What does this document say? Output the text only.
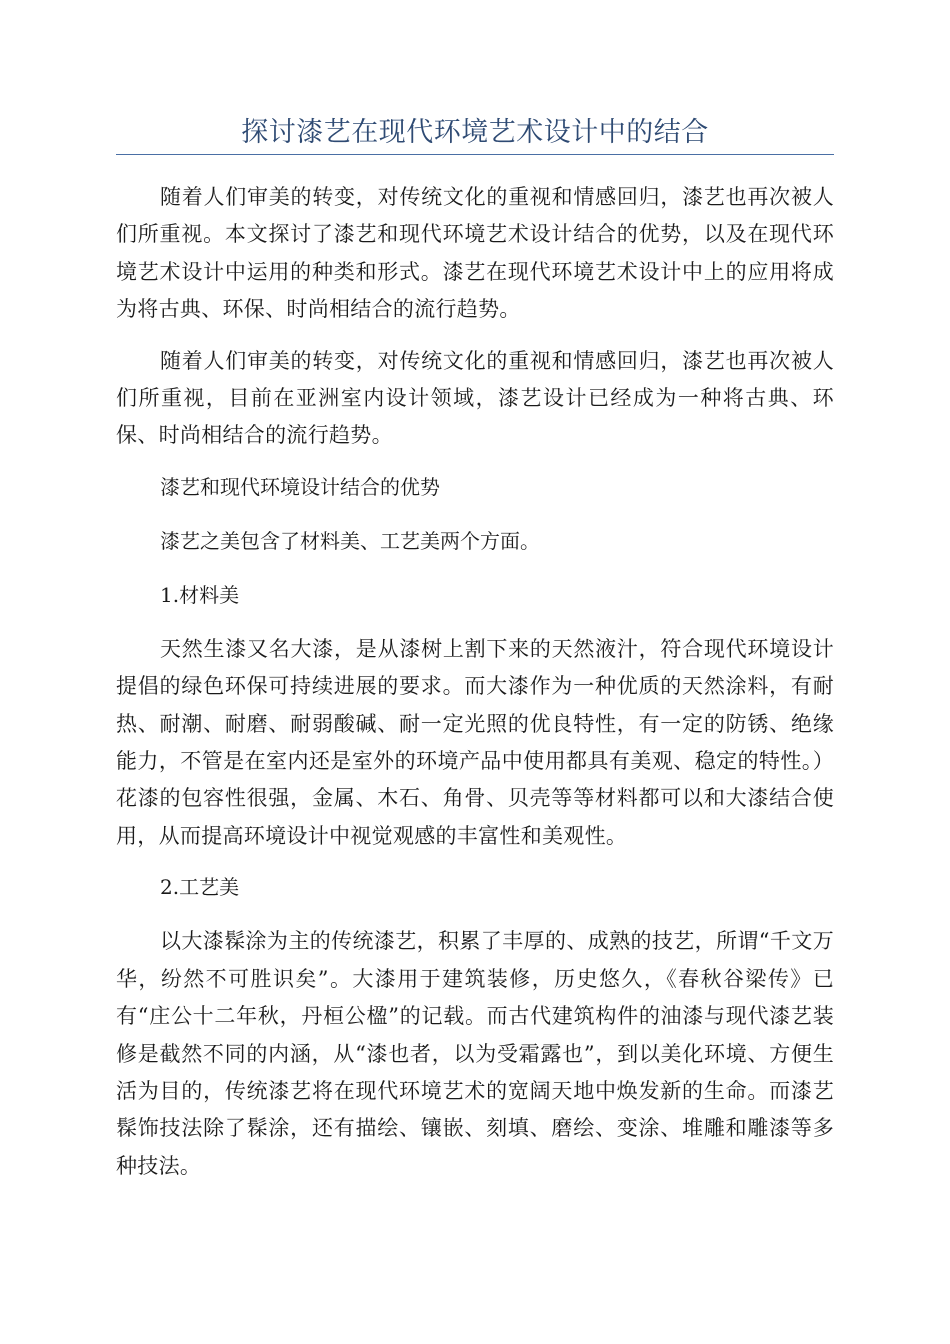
探讨漆艺在现代环境艺术设计中的结合

随着人们审美的转变，对传统文化的重视和情感回归，漆艺也再次被人们所重视。本文探讨了漆艺和现代环境艺术设计结合的优势，以及在现代环境艺术设计中运用的种类和形式。漆艺在现代环境艺术设计中上的应用将成为将古典、环保、时尚相结合的流行趋势。

随着人们审美的转变，对传统文化的重视和情感回归，漆艺也再次被人们所重视，目前在亚洲室内设计领域，漆艺设计已经成为一种将古典、环保、时尚相结合的流行趋势。

漆艺和现代环境设计结合的优势

漆艺之美包含了材料美、工艺美两个方面。

1.材料美

天然生漆又名大漆，是从漆树上割下来的天然液汁，符合现代环境设计提倡的绿色环保可持续进展的要求。而大漆作为一种优质的天然涂料，有耐热、耐潮、耐磨、耐弱酸碱、耐一定光照的优良特性，有一定的防锈、绝缘能力，不管是在室内还是室外的环境产品中使用都具有美观、稳定的特性。）花漆的包容性很强，金属、木石、角骨、贝壳等等材料都可以和大漆结合使用，从而提高环境设计中视觉观感的丰富性和美观性。

2.工艺美

以大漆髹涂为主的传统漆艺，积累了丰厚的、成熟的技艺，所谓“千文万华，纷然不可胜识矣”。大漆用于建筑装修，历史悠久，《春秋谷梁传》已有“庄公十二年秋，丹桓公楹”的记载。而古代建筑构件的油漆与现代漆艺装修是截然不同的内涵，从“漆也者，以为受霜露也”，到以美化环境、方便生活为目的，传统漆艺将在现代环境艺术的宽阔天地中焕发新的生命。而漆艺髹饰技法除了髹涂，还有描绘、镶嵌、刻填、磨绘、变涂、堆雕和雕漆等多种技法。
